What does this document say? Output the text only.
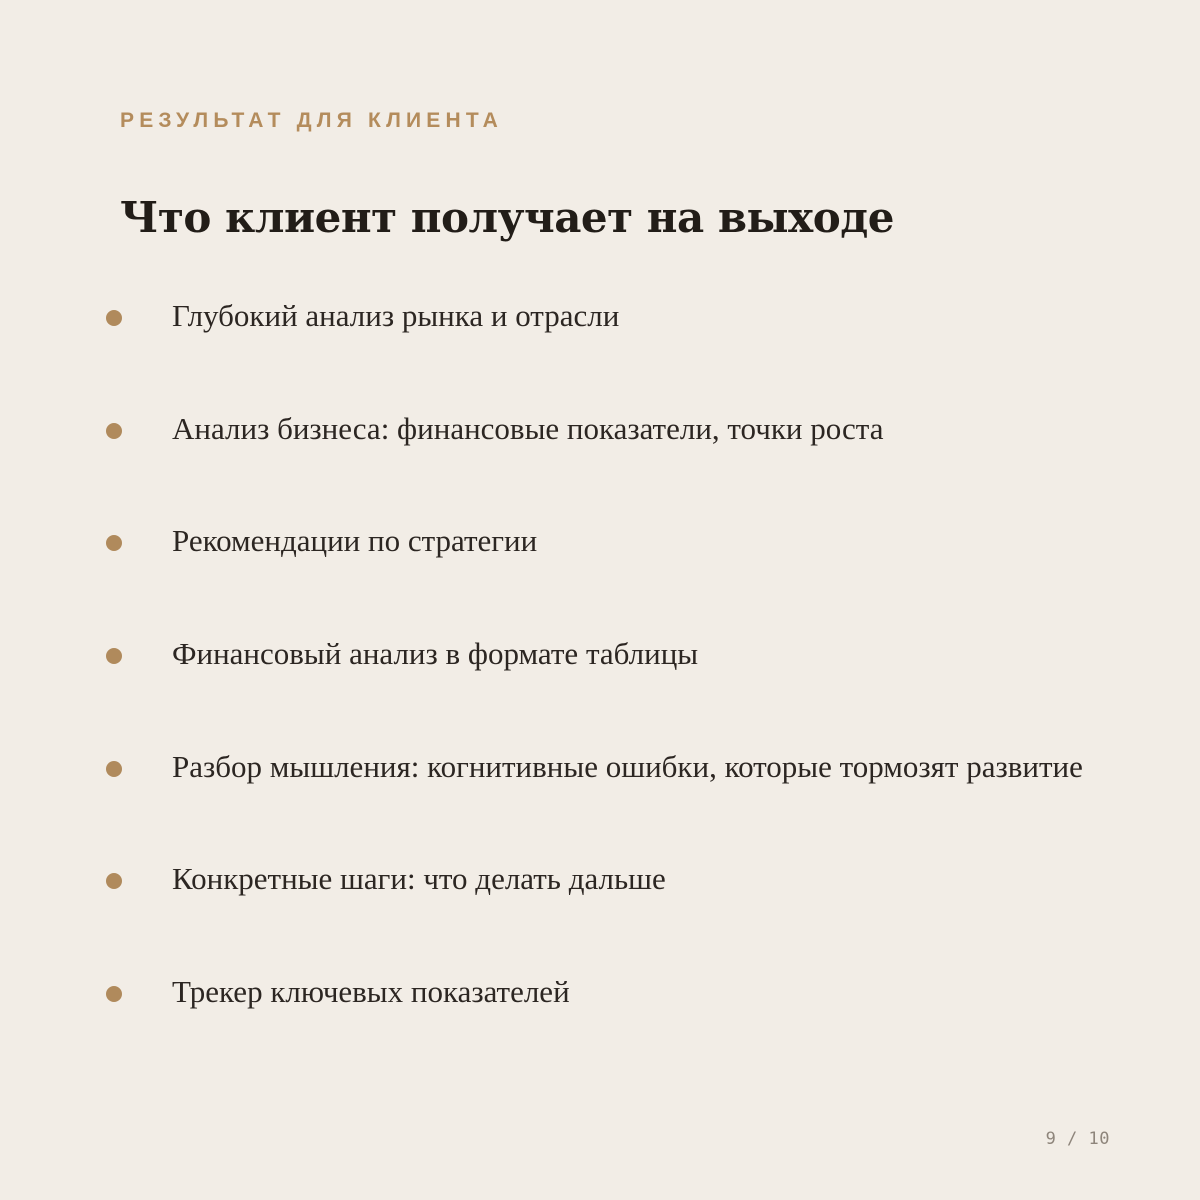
РЕЗУЛЬТАТ ДЛЯ КЛИЕНТА
Что клиент получает на выходе
Глубокий анализ рынка и отрасли
Анализ бизнеса: финансовые показатели, точки роста
Рекомендации по стратегии
Финансовый анализ в формате таблицы
Разбор мышления: когнитивные ошибки, которые тормозят развитие
Конкретные шаги: что делать дальше
Трекер ключевых показателей
9 / 10
